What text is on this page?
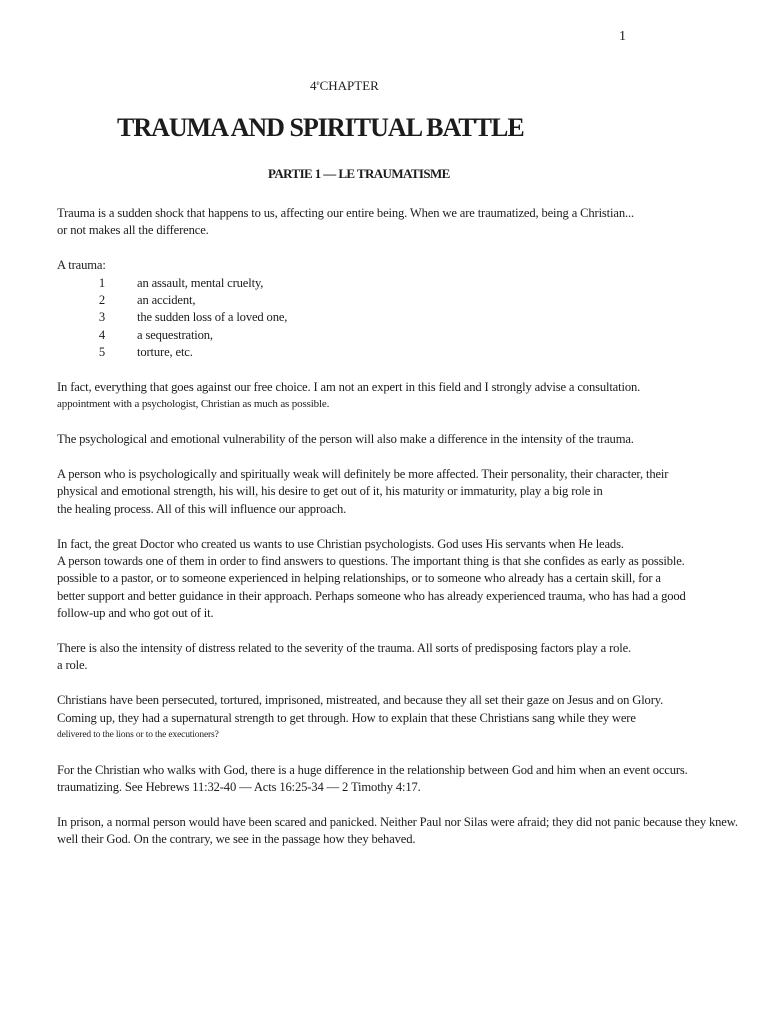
1
4eCHAPTER
TRAUMA AND SPIRITUAL BATTLE
PARTIE 1 — LE TRAUMATISME
Trauma is a sudden shock that happens to us, affecting our entire being. When we are traumatized, being a Christian...
or not makes all the difference.
A trauma:
1	an assault, mental cruelty,
2	an accident,
3	the sudden loss of a loved one,
4	a sequestration,
5	torture, etc.
In fact, everything that goes against our free choice. I am not an expert in this field and I strongly advise a consultation.
appointment with a psychologist, Christian as much as possible.
The psychological and emotional vulnerability of the person will also make a difference in the intensity of the trauma.
A person who is psychologically and spiritually weak will definitely be more affected. Their personality, their character, their
physical and emotional strength, his will, his desire to get out of it, his maturity or immaturity, play a big role in
the healing process. All of this will influence our approach.
In fact, the great Doctor who created us wants to use Christian psychologists. God uses His servants when He leads.
A person towards one of them in order to find answers to questions. The important thing is that she confides as early as possible.
possible to a pastor, or to someone experienced in helping relationships, or to someone who already has a certain skill, for a
better support and better guidance in their approach. Perhaps someone who has already experienced trauma, who has had a good
follow-up and who got out of it.
There is also the intensity of distress related to the severity of the trauma. All sorts of predisposing factors play a role.
a role.
Christians have been persecuted, tortured, imprisoned, mistreated, and because they all set their gaze on Jesus and on Glory.
Coming up, they had a supernatural strength to get through. How to explain that these Christians sang while they were
delivered to the lions or to the executioners?
For the Christian who walks with God, there is a huge difference in the relationship between God and him when an event occurs.
traumatizing. See Hebrews 11:32-40 — Acts 16:25-34 — 2 Timothy 4:17.
In prison, a normal person would have been scared and panicked. Neither Paul nor Silas were afraid; they did not panic because they knew.
well their God. On the contrary, we see in the passage how they behaved.
